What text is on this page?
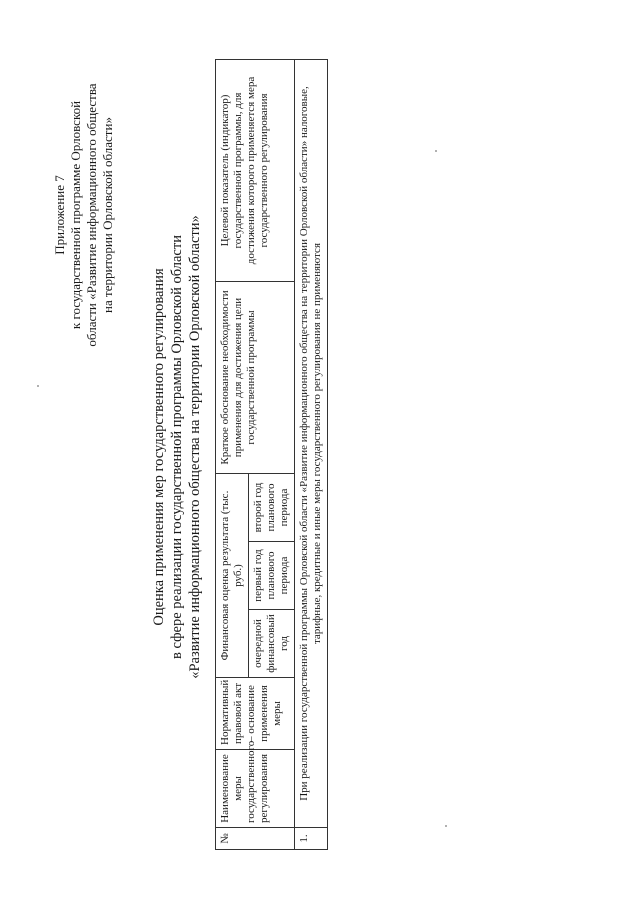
Приложение 7 к государственной программе Орловской области «Развитие информационного общества на территории Орловской области»
Оценка применения мер государственного регулирования в сфере реализации государственной программы Орловской области «Развитие информационного общества на территории Орловской области»
№	Наименование меры государственного регулирования	Нормативный правовой акт – основание применения меры	Финансовая оценка результата (тыс. руб.)			Краткое обоснование необходимости применения для достижения цели государственной программы	Целевой показатель (индикатор) государственной программы, для достижения которого применяется мера государственного регулирования
			очередной финансовый год	первый год планового периода	второй год планового периода		
1.	При реализации государственной программы Орловской области «Развитие информационного общества на территории Орловской области» налоговые, тарифные, кредитные и иные меры государственного регулирования не применяются						
